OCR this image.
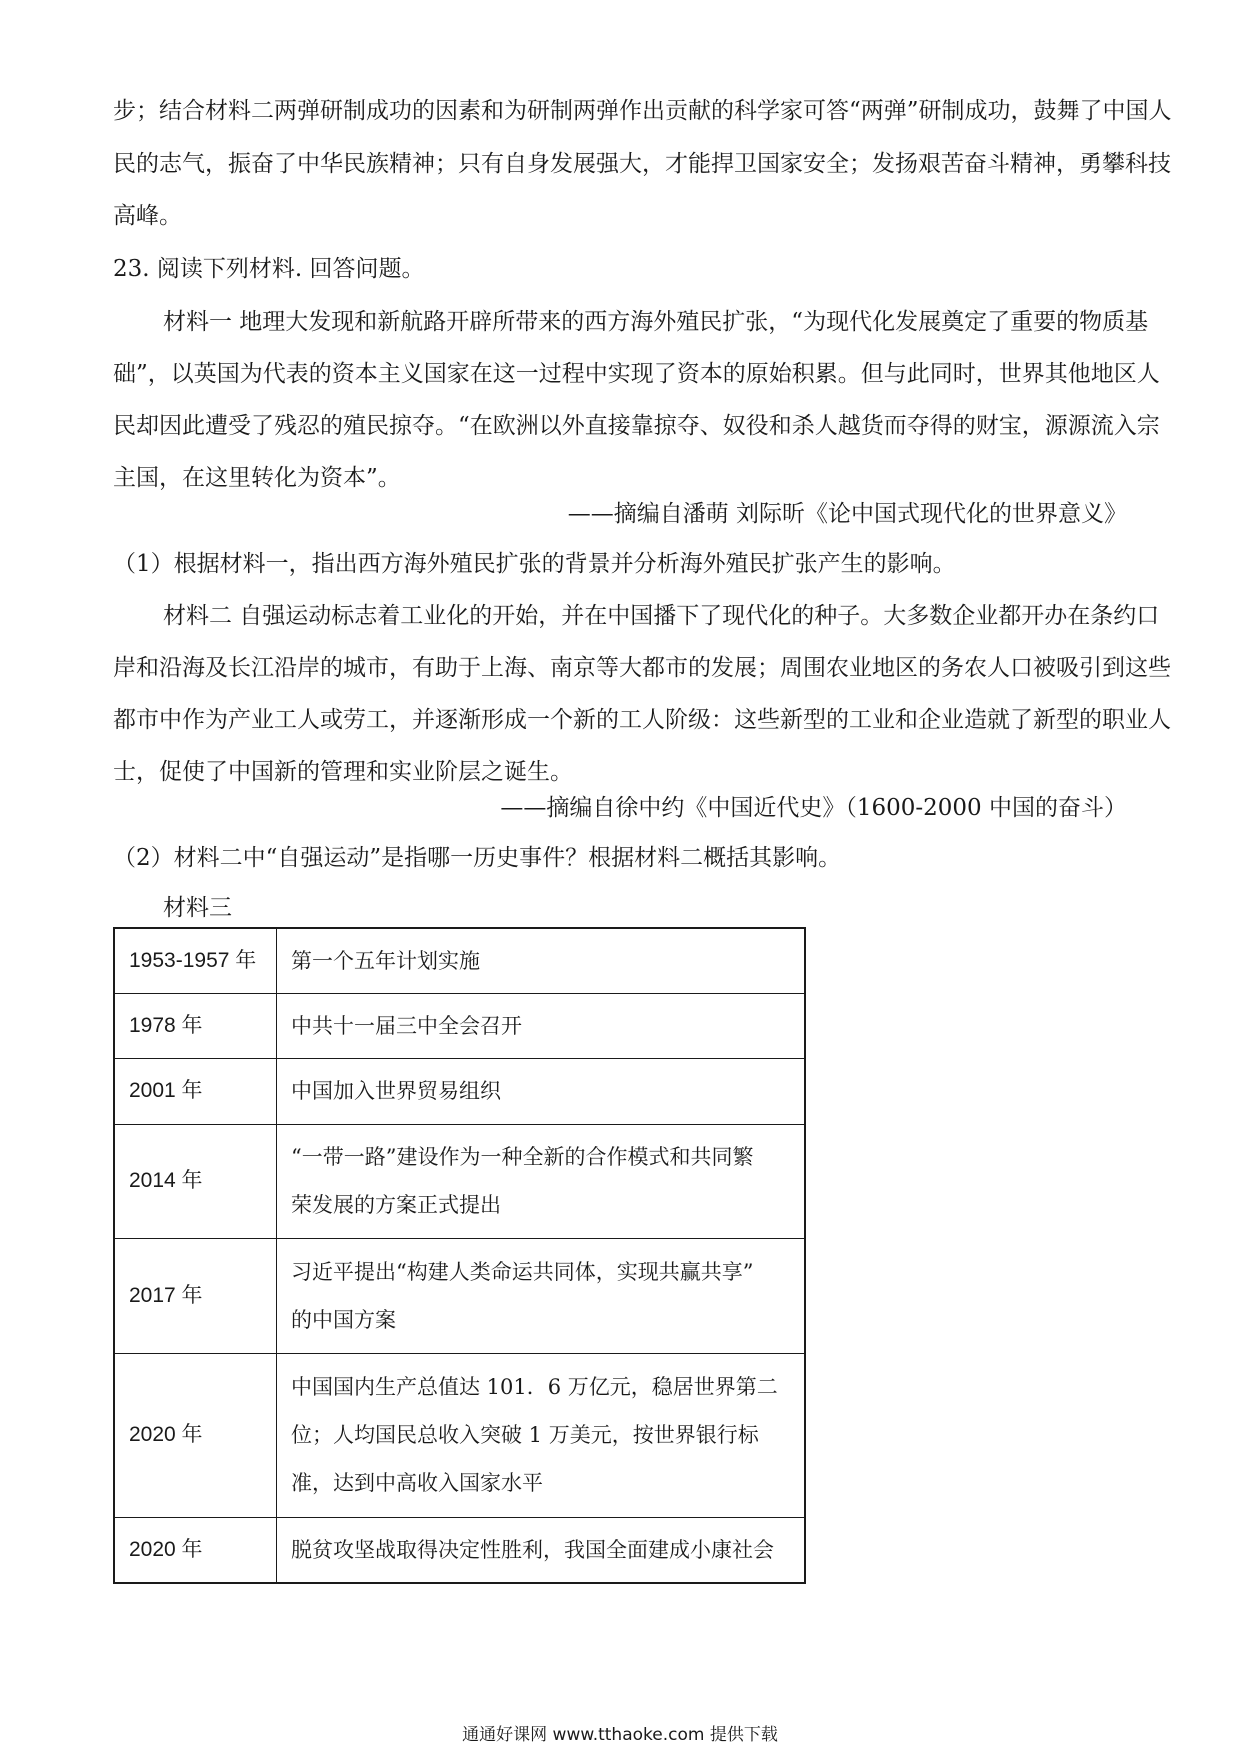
步；结合材料二两弹研制成功的因素和为研制两弹作出贡献的科学家可答“两弹”研制成功，鼓舞了中国人
民的志气，振奋了中华民族精神；只有自身发展强大，才能捍卫国家安全；发扬艰苦奋斗精神，勇攀科技
高峰。
23. 阅读下列材料. 回答问题。
材料一 地理大发现和新航路开辟所带来的西方海外殖民扩张，“为现代化发展奠定了重要的物质基
础”，以英国为代表的资本主义国家在这一过程中实现了资本的原始积累。但与此同时，世界其他地区人
民却因此遭受了残忍的殖民掠夺。“在欧洲以外直接靠掠夺、奴役和杀人越货而夺得的财宝，源源流入宗
主国，在这里转化为资本”。
——摘编自潘萌 刘际昕《论中国式现代化的世界意义》
（1）根据材料一，指出西方海外殖民扩张的背景并分析海外殖民扩张产生的影响。
材料二 自强运动标志着工业化的开始，并在中国播下了现代化的种子。大多数企业都开办在条约口
岸和沿海及长江沿岸的城市，有助于上海、南京等大都市的发展；周围农业地区的务农人口被吸引到这些
都市中作为产业工人或劳工，并逐渐形成一个新的工人阶级：这些新型的工业和企业造就了新型的职业人
士，促使了中国新的管理和实业阶层之诞生。
——摘编自徐中约《中国近代史》（1600-2000 中国的奋斗）
（2）材料二中“自强运动”是指哪一历史事件？根据材料二概括其影响。
材料三
1953-1957 年	第一个五年计划实施

1978 年	中共十一届三中全会召开

2001 年	中国加入世界贸易组织

2014 年	“一带一路”建设作为一种全新的合作模式和共同繁
荣发展的方案正式提出

2017 年	习近平提出“构建人类命运共同体，实现共赢共享”
的中国方案

2020 年	中国国内生产总值达 101．6 万亿元，稳居世界第二
位；人均国民总收入突破 1 万美元，按世界银行标
准，达到中高收入国家水平

2020 年	脱贫攻坚战取得决定性胜利，我国全面建成小康社会
通通好课网 www.tthaoke.com 提供下载
